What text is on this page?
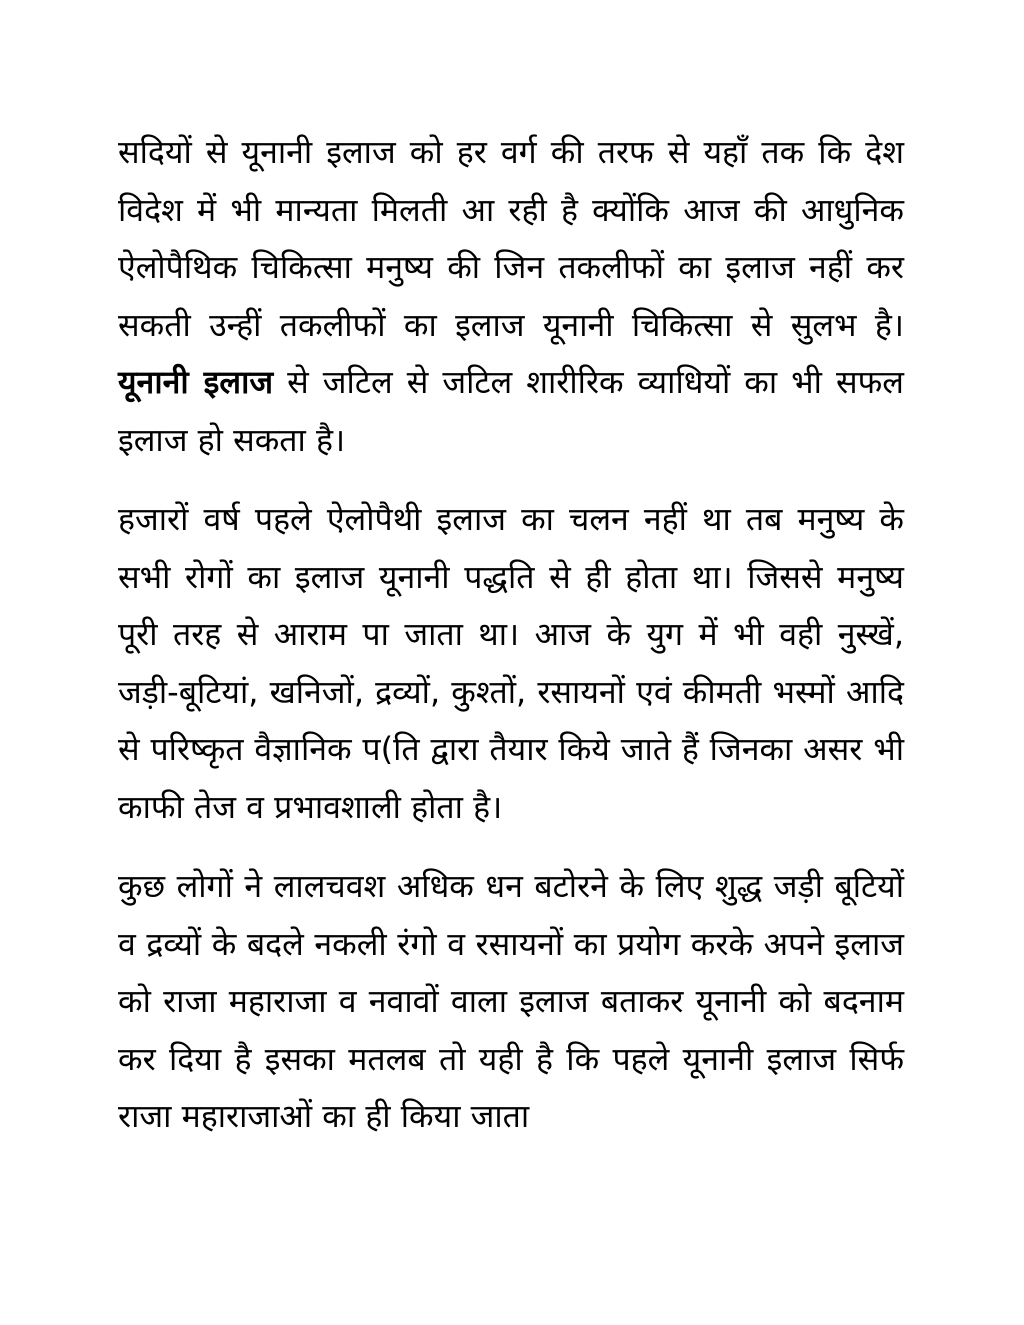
सदियों से यूनानी इलाज को हर वर्ग की तरफ से यहाँ तक कि देश विदेश में भी मान्यता मिलती आ रही है क्योंकि आज की आधुनिक ऐलोपैथिक चिकित्सा मनुष्य की जिन तकलीफों का इलाज नहीं कर सकती उन्हीं तकलीफों का इलाज यूनानी चिकित्सा से सुलभ है। यूनानी इलाज से जटिल से जटिल शारीरिक व्याधियों का भी सफल इलाज हो सकता है।

हजारों वर्ष पहले ऐलोपैथी इलाज का चलन नहीं था तब मनुष्य के सभी रोगों का इलाज यूनानी पद्धति से ही होता था। जिससे मनुष्य पूरी तरह से आराम पा जाता था। आज के युग में भी वही नुस्खें, जड़ी-बूटियां, खनिजों, द्रव्यों, कुश्तों, रसायनों एवं कीमती भस्मों आदि से परिष्कृत वैज्ञानिक प(ति द्वारा तैयार किये जाते हैं जिनका असर भी काफी तेज व प्रभावशाली होता है।

कुछ लोगों ने लालचवश अधिक धन बटोरने के लिए शुद्ध जड़ी बूटियों व द्रव्यों के बदले नकली रंगो व रसायनों का प्रयोग करके अपने इलाज को राजा महाराजा व नवावों वाला इलाज बताकर यूनानी को बदनाम कर दिया है इसका मतलब तो यही है कि पहले यूनानी इलाज सिर्फ राजा महाराजाओं का ही किया जाता
